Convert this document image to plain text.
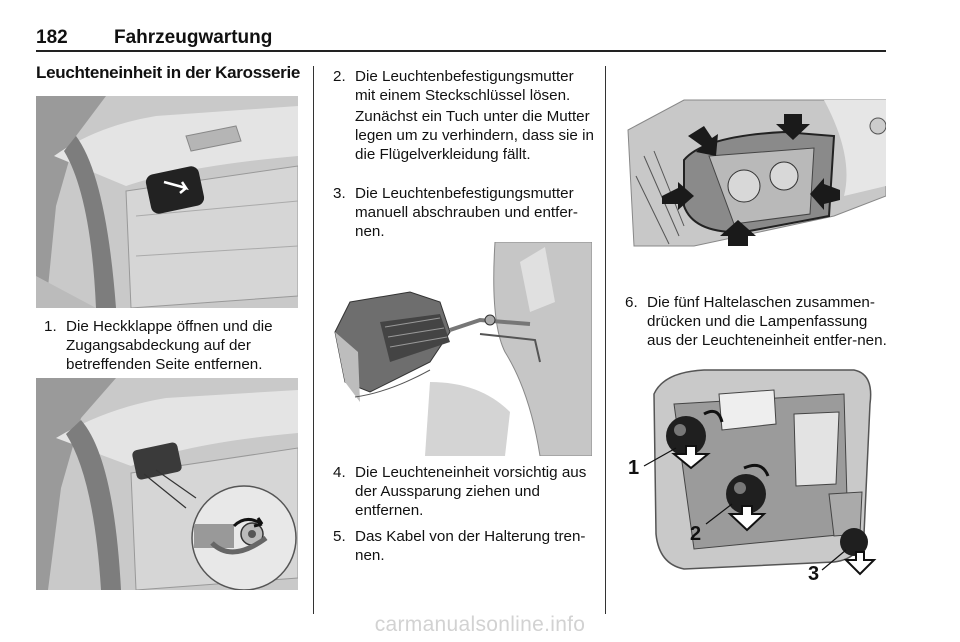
182 Fahrzeugwartung
Leuchteneinheit in der Karosserie
1. Die Heckklappe öffnen und die Zugangsabdeckung auf der betreffenden Seite entfernen.
2. Die Leuchtenbefestigungsmutter mit einem Steckschlüssel lösen.
Zunächst ein Tuch unter die Mutter legen um zu verhindern, dass sie in die Flügelverkleidung fällt.
3. Die Leuchtenbefestigungsmutter manuell abschrauben und entfer-nen.
4. Die Leuchteneinheit vorsichtig aus der Aussparung ziehen und entfernen.
5. Das Kabel von der Halterung tren-nen.
6. Die fünf Haltelaschen zusammen-drücken und die Lampenfassung aus der Leuchteneinheit entfer-nen.
1
2
3
carmanualsonline.info
